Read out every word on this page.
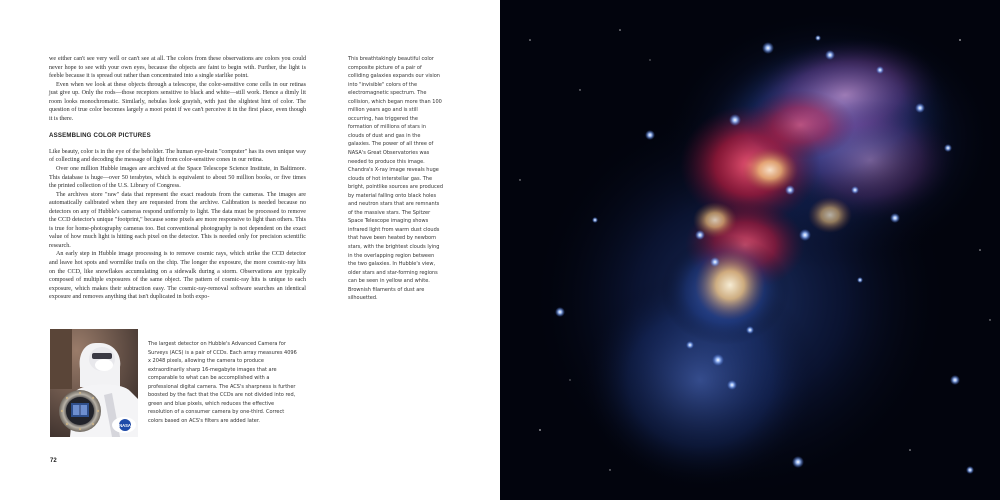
we either can't see very well or can't see at all. The colors from these observations are colors you could never hope to see with your own eyes, because the objects are faint to begin with. Further, the light is feeble because it is spread out rather than concentrated into a single starlike point.

Even when we look at these objects through a telescope, the color-sensitive cone cells in our retinas just give up. Only the rods—those receptors sensitive to black and white—still work. Hence a dimly lit room looks monochromatic. Similarly, nebulas look grayish, with just the slightest hint of color. The question of true color becomes largely a moot point if we can't perceive it in the first place, even though it is there.

ASSEMBLING COLOR PICTURES

Like beauty, color is in the eye of the beholder. The human eye-brain "computer" has its own unique way of collecting and decoding the message of light from color-sensitive cones in our retina.

Over one million Hubble images are archived at the Space Telescope Science Institute, in Baltimore. This database is huge—over 50 terabytes, which is equivalent to about 50 million books, or five times the printed collection of the U.S. Library of Congress.

The archives store "raw" data that represent the exact readouts from the cameras. The images are automatically calibrated when they are requested from the archive. Calibration is needed because no detectors on any of Hubble's cameras respond uniformly to light. The data must be processed to remove the CCD detector's unique "footprint," because some pixels are more responsive to light than others. This is true for home-photography cameras too. But conventional photography is not dependent on the exact value of how much light is hitting each pixel on the detector. This is needed only for precision scientific research.

An early step in Hubble image processing is to remove cosmic rays, which strike the CCD detector and leave hot spots and wormlike trails on the chip. The longer the exposure, the more cosmic-ray hits on the CCD, like snowflakes accumulating on a sidewalk during a storm. Observations are typically composed of multiple exposures of the same object. The pattern of cosmic-ray hits is unique to each exposure, which makes their subtraction easy. The cosmic-ray-removal software searches an identical exposure and removes anything that isn't duplicated in both expo-

This breathtakingly beautiful color composite picture of a pair of colliding galaxies expands our vision into "invisible" colors of the electromagnetic spectrum. The collision, which began more than 100 million years ago and is still occurring, has triggered the formation of millions of stars in clouds of dust and gas in the galaxies. The power of all three of NASA's Great Observatories was needed to produce this image. Chandra's X-ray image reveals huge clouds of hot interstellar gas. The bright, pointlike sources are produced by material falling onto black holes and neutron stars that are remnants of the massive stars. The Spitzer Space Telescope imaging shows infrared light from warm dust clouds that have been heated by newborn stars, with the brightest clouds lying in the overlapping region between the two galaxies. In Hubble's view, older stars and star-forming regions can be seen in yellow and white. Brownish filaments of dust are silhouetted.
NASA
The largest detector on Hubble's Advanced Camera for Surveys (ACS) is a pair of CCDs. Each array measures 4096 x 2048 pixels, allowing the camera to produce extraordinarily sharp 16-megabyte images that are comparable to what can be accomplished with a professional digital camera. The ACS's sharpness is further boosted by the fact that the CCDs are not divided into red, green and blue pixels, which reduces the effective resolution of a consumer camera by one-third. Correct colors based on ACS's filters are added later.
72
